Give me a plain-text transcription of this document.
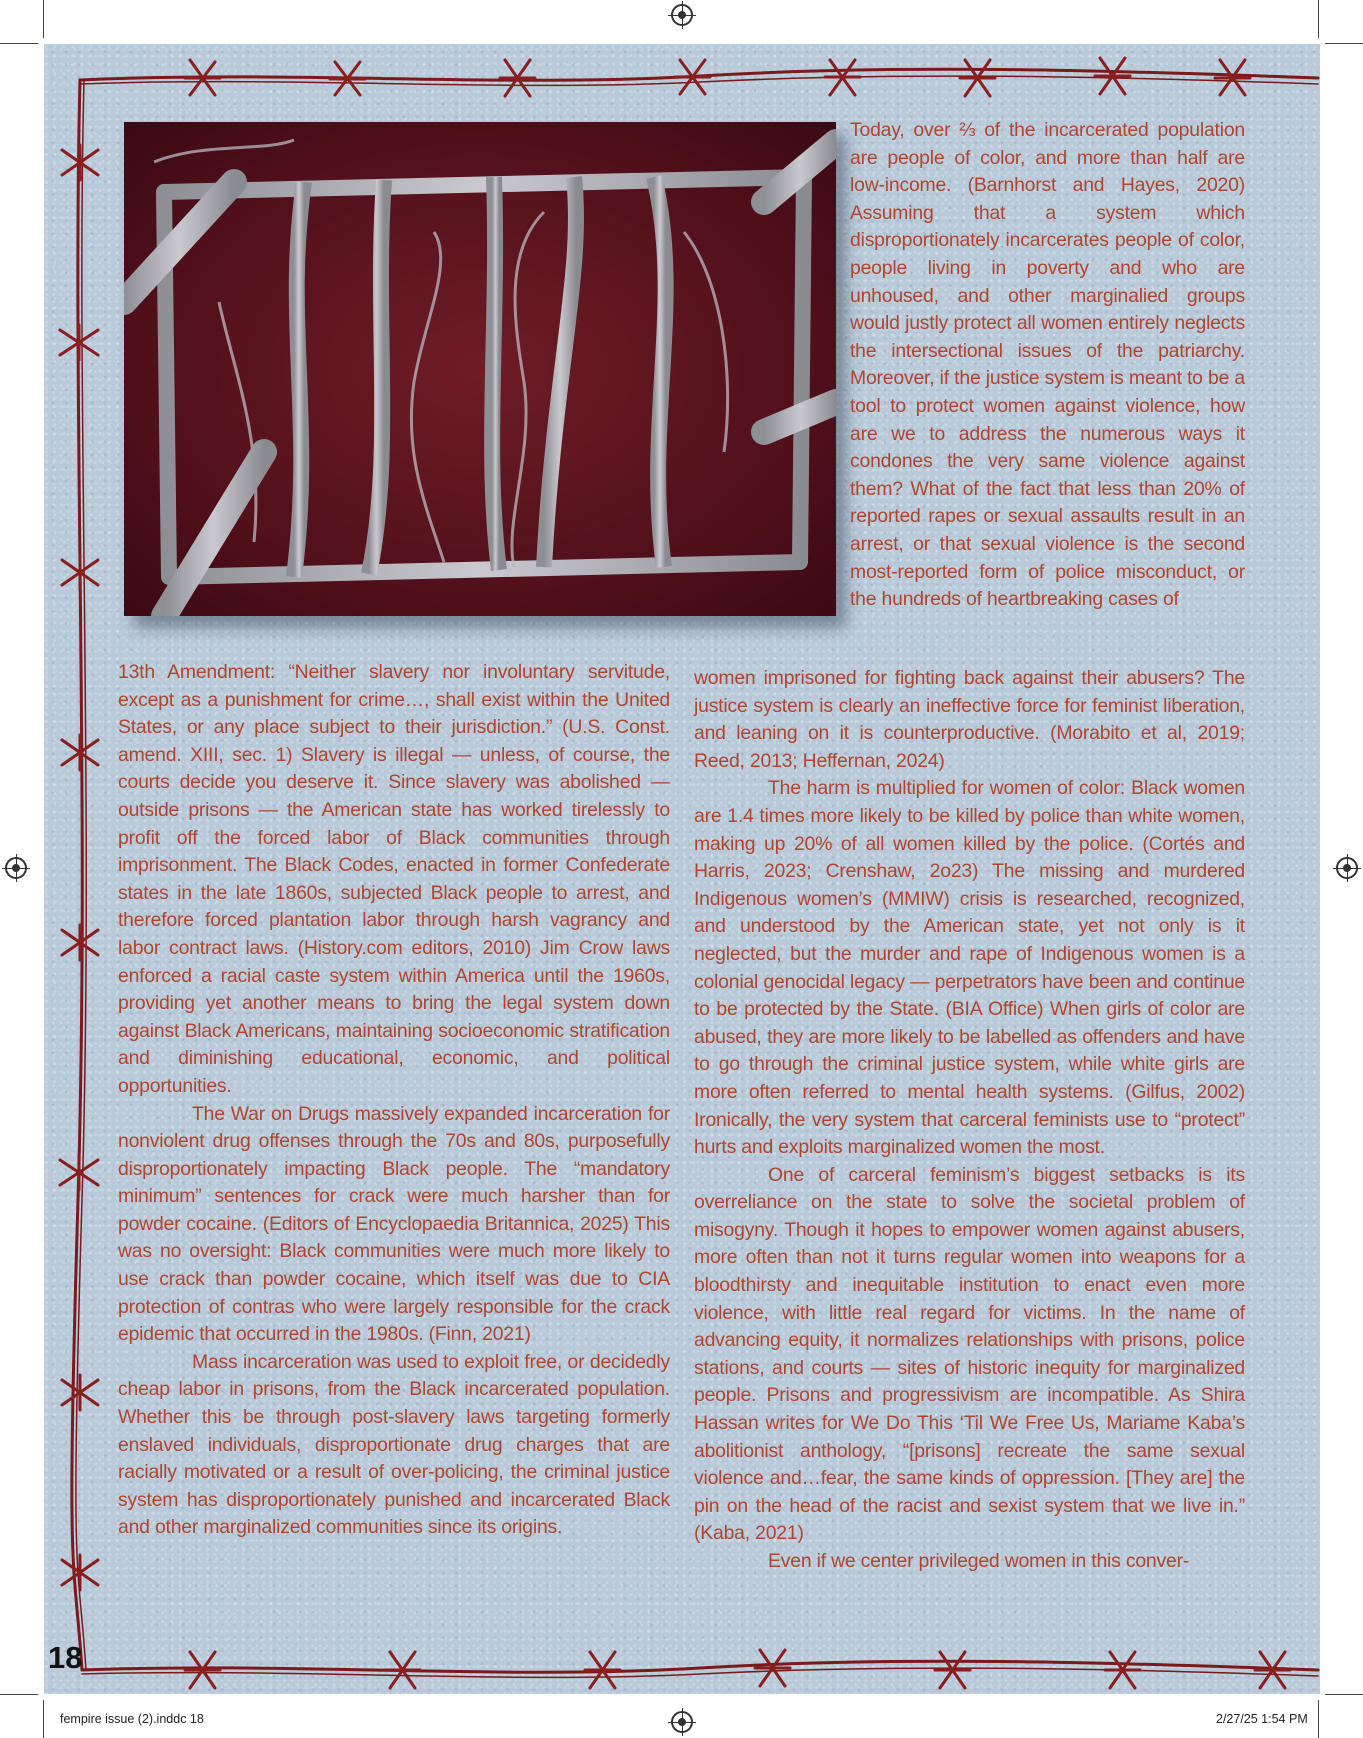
Today, over ⅔ of the incarcerated population are people of color, and more than half are low-income. (Barnhorst and Hayes, 2020) Assuming that a system which disproportionately incarcerates people of color, people living in poverty and who are unhoused, and other marginalied groups would justly protect all women entirely neglects the intersectional issues of the patriarchy. Moreover, if the justice system is meant to be a tool to protect women against violence, how are we to address the numerous ways it condones the very same violence against them? What of the fact that less than 20% of reported rapes or sexual assaults result in an arrest, or that sexual violence is the second most-reported form of police misconduct, or the hundreds of heartbreaking cases of

13th Amendment: “Neither slavery nor involuntary servitude, except as a punishment for crime…, shall exist within the United States, or any place subject to their jurisdiction.” (U.S. Const. amend. XIII, sec. 1) Slavery is illegal — unless, of course, the courts decide you deserve it. Since slavery was abolished — outside prisons — the American state has worked tirelessly to profit off the forced labor of Black communities through imprisonment. The Black Codes, enacted in former Confederate states in the late 1860s, subjected Black people to arrest, and therefore forced plantation labor through harsh vagrancy and labor contract laws. (History.com editors, 2010) Jim Crow laws enforced a racial caste system within America until the 1960s, providing yet another means to bring the legal system down against Black Americans, maintaining socioeconomic stratification and diminishing educational, economic, and political opportunities.

The War on Drugs massively expanded incarceration for nonviolent drug offenses through the 70s and 80s, purposefully disproportionately impacting Black people. The “mandatory minimum” sentences for crack were much harsher than for powder cocaine. (Editors of Encyclopaedia Britannica, 2025) This was no oversight: Black communities were much more likely to use crack than powder cocaine, which itself was due to CIA protection of contras who were largely responsible for the crack epidemic that occurred in the 1980s. (Finn, 2021)

Mass incarceration was used to exploit free, or decidedly cheap labor in prisons, from the Black incarcerated population. Whether this be through post-slavery laws targeting formerly enslaved individuals, disproportionate drug charges that are racially motivated or a result of over-policing, the criminal justice system has disproportionately punished and incarcerated Black and other marginalized communities since its origins.

women imprisoned for fighting back against their abusers? The justice system is clearly an ineffective force for feminist liberation, and leaning on it is counterproductive. (Morabito et al, 2019; Reed, 2013; Heffernan, 2024)

The harm is multiplied for women of color: Black women are 1.4 times more likely to be killed by police than white women, making up 20% of all women killed by the police. (Cortés and Harris, 2023; Crenshaw, 2o23) The missing and murdered Indigenous women’s (MMIW) crisis is researched, recognized, and understood by the American state, yet not only is it neglected, but the murder and rape of Indigenous women is a colonial genocidal legacy — perpetrators have been and continue to be protected by the State. (BIA Office) When girls of color are abused, they are more likely to be labelled as offenders and have to go through the criminal justice system, while white girls are more often referred to mental health systems. (Gilfus, 2002) Ironically, the very system that carceral feminists use to “protect” hurts and exploits marginalized women the most.

One of carceral feminism’s biggest setbacks is its overreliance on the state to solve the societal problem of misogyny. Though it hopes to empower women against abusers, more often than not it turns regular women into weapons for a bloodthirsty and inequitable institution to enact even more violence, with little real regard for victims. In the name of advancing equity, it normalizes relationships with prisons, police stations, and courts — sites of historic inequity for marginalized people. Prisons and progressivism are incompatible. As Shira Hassan writes for We Do This ‘Til We Free Us, Mariame Kaba’s abolitionist anthology, “[prisons] recreate the same sexual violence and…fear, the same kinds of oppression. [They are] the pin on the head of the racist and sexist system that we live in.” (Kaba, 2021)

Even if we center privileged women in this conver-

18
fempire issue (2).inddc 18	2/27/25 1:54 PM
